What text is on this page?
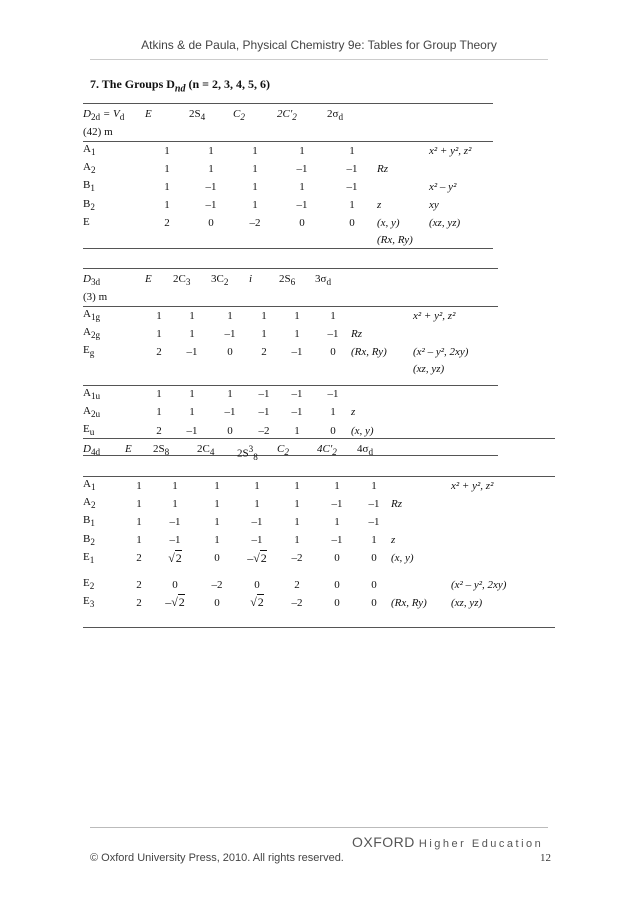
Atkins & de Paula, Physical Chemistry 9e: Tables for Group Theory
7. The Groups $D_{nd}$ (n = 2, 3, 4, 5, 6)
$D_{2d} = V_d$
(42) m	E	$2S_4$	$C_2$	$2C'_2$	$2\sigma_d$		
$A_1$	1	1	1	1	1		x² + y², z²
$A_2$	1	1	1	–1	–1	Rz	
$B_1$	1	–1	1	1	–1		x² – y²
$B_2$	1	–1	1	–1	1	z	xy
E	2	0	–2	0	0	(x, y)	(xz, yz)
						(Rx, Ry)	
$D_{3d}$
(3) m	E	$2C_3$	$3C_2$	i	$2S_6$	$3\sigma_d$		
$A_{1g}$	1	1	1	1	1	1		x² + y², z²
$A_{2g}$	1	1	–1	1	1	–1	Rz	
$E_g$	2	–1	0	2	–1	0	(Rx, Ry)	(x² – y², 2xy)
								(xz, yz)

$A_{1u}$	1	1	1	–1	–1	–1		
$A_{2u}$	1	1	–1	–1	–1	1	z	
$E_u$	2	–1	0	–2	1	0	(x, y)	

$D_{4d}$	E	$2S_8$	$2C_4$	$2S^3_8$	$C_2$	$4C'_2$	$4\sigma_d$		
$A_1$	1	1	1	1	1	1	1		x² + y², z²
$A_2$	1	1	1	1	1	–1	–1	Rz	
$B_1$	1	–1	1	–1	1	1	–1		
$B_2$	1	–1	1	–1	1	–1	1	z	
$E_1$	2	√2	0	–√2	–2	0	0	(x, y)	

$E_2$	2	0	–2	0	2	0	0		(x² – y², 2xy)
$E_3$	2	–√2	0	√2	–2	0	0	(Rx, Ry)	(xz, yz)

OXFORD Higher Education
© Oxford University Press, 2010. All rights reserved.	12
